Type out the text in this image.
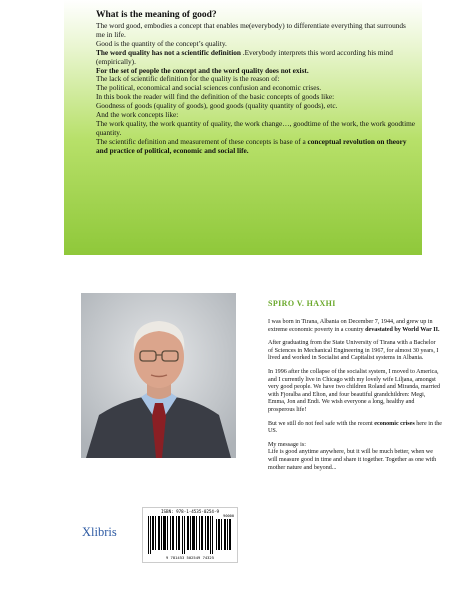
What is the meaning of good?

The word good, embodies a concept that enables me(everybody) to differentiate everything that surrounds me in life.

Good is the quantity of the concept’s quality.

The word quality has not a scientific definition .Everybody interprets this word according his mind (empirically).

For the set of people the concept and the word quality does not exist.

The lack of scientific definition for the quality is the reason of:

The political, economical and social sciences confusion and economic crises.

In this book the reader will find the definition of the basic concepts of goods like:

Goodness of goods (quality of goods), good goods (quality quantity of goods), etc.

And the work concepts like:

The work quality, the work quantity of quality, the work change…, goodtime of the work, the work goodtime quantity.

The scientific definition and measurement of these concepts is base of a conceptual revolution on theory and practice of political, economic and social life.

SPIRO V. HAXHI

I was born in Tirana, Albania on December 7, 1944, and grew up in extreme economic poverty in a country devastated by World War II.

After graduating from the State University of Tirana with a Bachelor of Sciences in Mechanical Engineering in 1967, for almost 30 years, I lived and worked in Socialist and Capitalist systems in Albania.

In 1996 after the collapse of the socialist system, I moved to America, and I currently live in Chicago with my lovely wife Liljana, amongst very good people. We have two children Roland and Miranda, married with Fjoralba and Elton, and four beautiful grandchildren: Megi, Emma, Jon and Endi. We wish everyone a long, healthy and prosperous life!

But we still do not feel safe with the recent economic crises here in the US.

My message is:
Life is good anytime anywhere, but it will be much better, when we will measure good in time and share it together. Together as one with mother nature and beyond...

ISBN: 978-1-4535-0254-9
90000
9 781453 502549 74325
Xlibris
